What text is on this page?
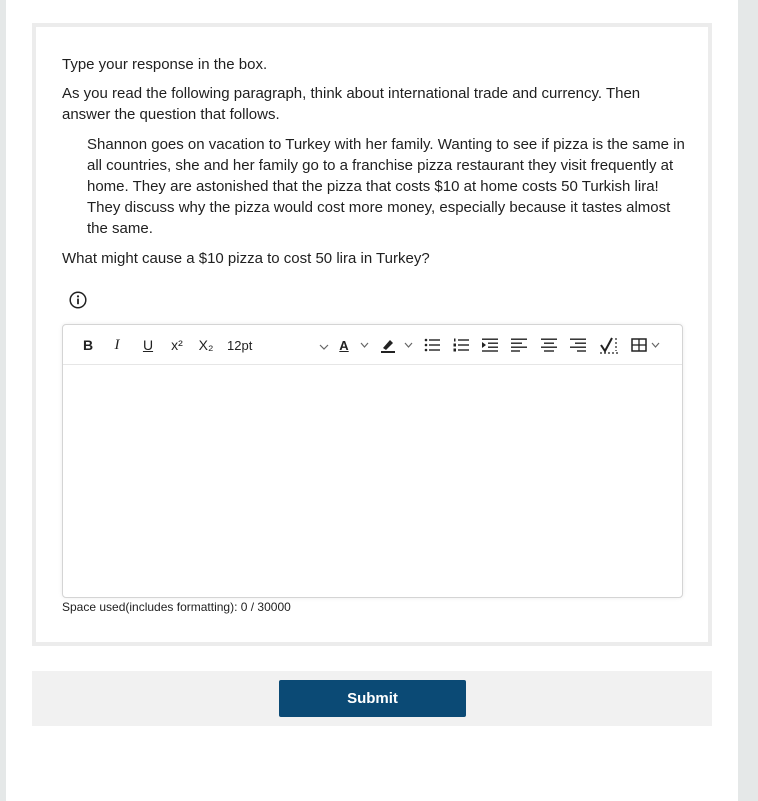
Type your response in the box.

As you read the following paragraph, think about international trade and currency. Then answer the question that follows.

Shannon goes on vacation to Turkey with her family. Wanting to see if pizza is the same in all countries, she and her family go to a franchise pizza restaurant they visit frequently at home. They are astonished that the pizza that costs $10 at home costs 50 Turkish lira! They discuss why the pizza would cost more money, especially because it tastes almost the same.

What might cause a $10 pizza to cost 50 lira in Turkey?

B	I	U	x²	X₂	12pt	A

Space used(includes formatting): 0 / 30000

Submit
